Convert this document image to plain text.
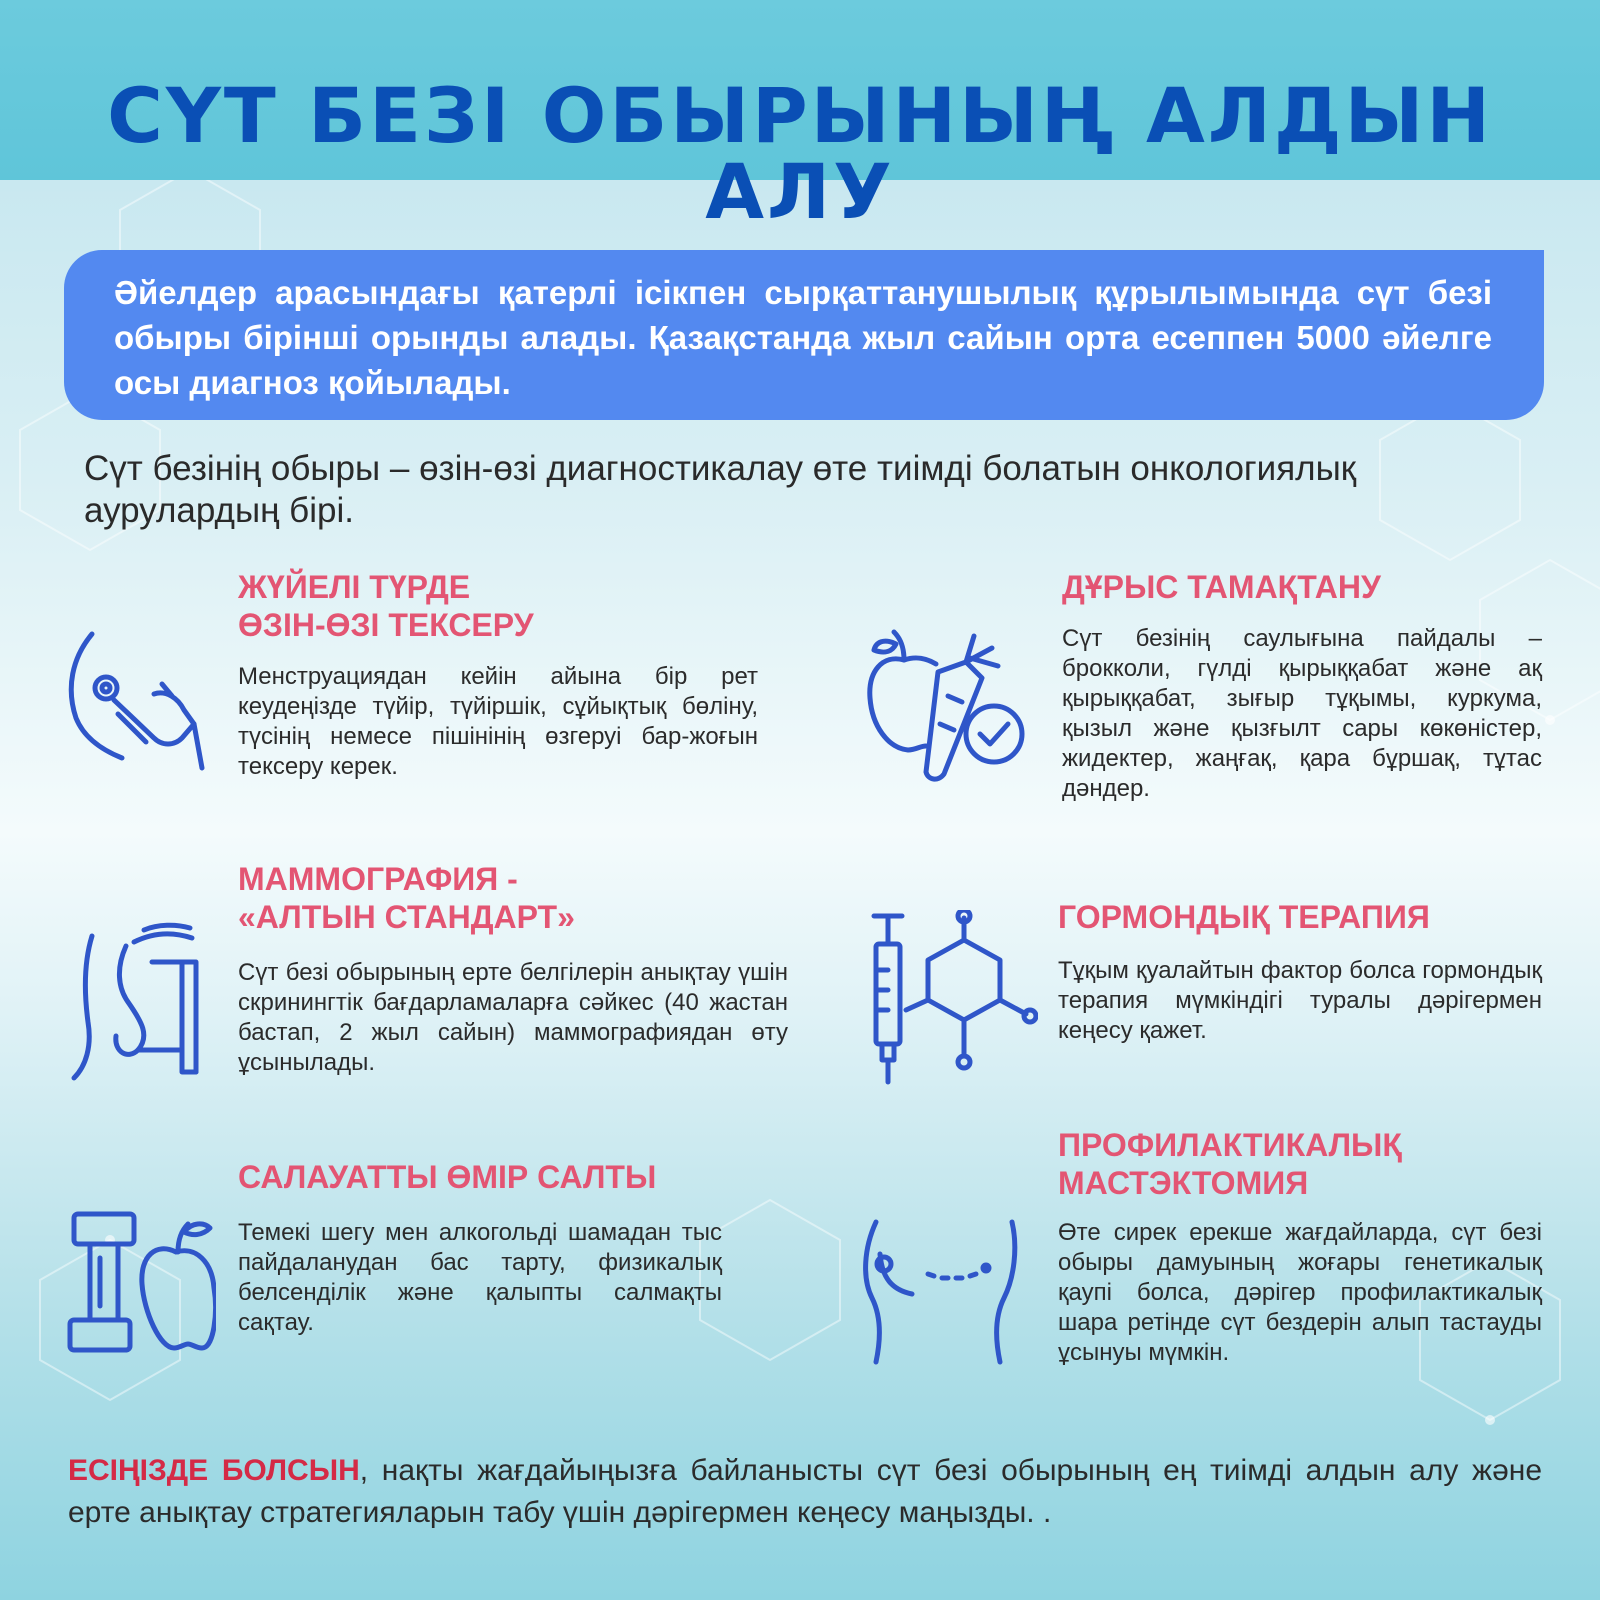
СҮТ БЕЗІ ОБЫРЫНЫҢ АЛДЫН АЛУ
Әйелдер арасындағы қатерлі ісікпен сырқаттанушылық құрылымында сүт безі обыры бірінші орынды алады. Қазақстанда жыл сайын орта есеппен 5000 әйелге осы диагноз қойылады.
Сүт безінің обыры – өзін-өзі диагностикалау өте тиімді болатын онкологиялық аурулардың бірі.
ЖҮЙЕЛІ ТҮРДЕ
ӨЗІН-ӨЗІ ТЕКСЕРУ
Менструациядан кейін айына бір рет кеудеңізде түйір, түйіршік, сұйықтық бөліну, түсінің немесе пішінінің өзгеруі бар-жоғын тексеру керек.
ДҰРЫС ТАМАҚТАНУ
Сүт безінің саулығына пайдалы – брокколи, гүлді қырыққабат және ақ қырыққабат, зығыр тұқымы, куркума, қызыл және қызғылт сары көкөністер, жидектер, жаңғақ, қара бұршақ, тұтас дәндер.
МАММОГРАФИЯ -
«АЛТЫН СТАНДАРТ»
Сүт безі обырының ерте белгілерін анықтау үшін скринингтік бағдарламаларға сәйкес (40 жастан бастап, 2 жыл сайын) маммографиядан өту ұсынылады.
ГОРМОНДЫҚ ТЕРАПИЯ
Тұқым қуалайтын фактор болса гормондық терапия мүмкіндігі туралы дәрігермен кеңесу қажет.
САЛАУАТТЫ ӨМІР САЛТЫ
Темекі шегу мен алкогольді шамадан тыс пайдаланудан бас тарту, физикалық белсенділік және қалыпты салмақты сақтау.
ПРОФИЛАКТИКАЛЫҚ
МАСТЭКТОМИЯ
Өте сирек ерекше жағдайларда, сүт безі обыры дамуының жоғары генетикалық қаупі болса, дәрігер профилактикалық шара ретінде сүт бездерін алып тастауды ұсынуы мүмкін.
ЕСІҢІЗДЕ БОЛСЫН, нақты жағдайыңызға байланысты сүт безі обырының ең тиімді алдын алу және ерте анықтау стратегияларын табу үшін дәрігермен кеңесу маңызды. .
